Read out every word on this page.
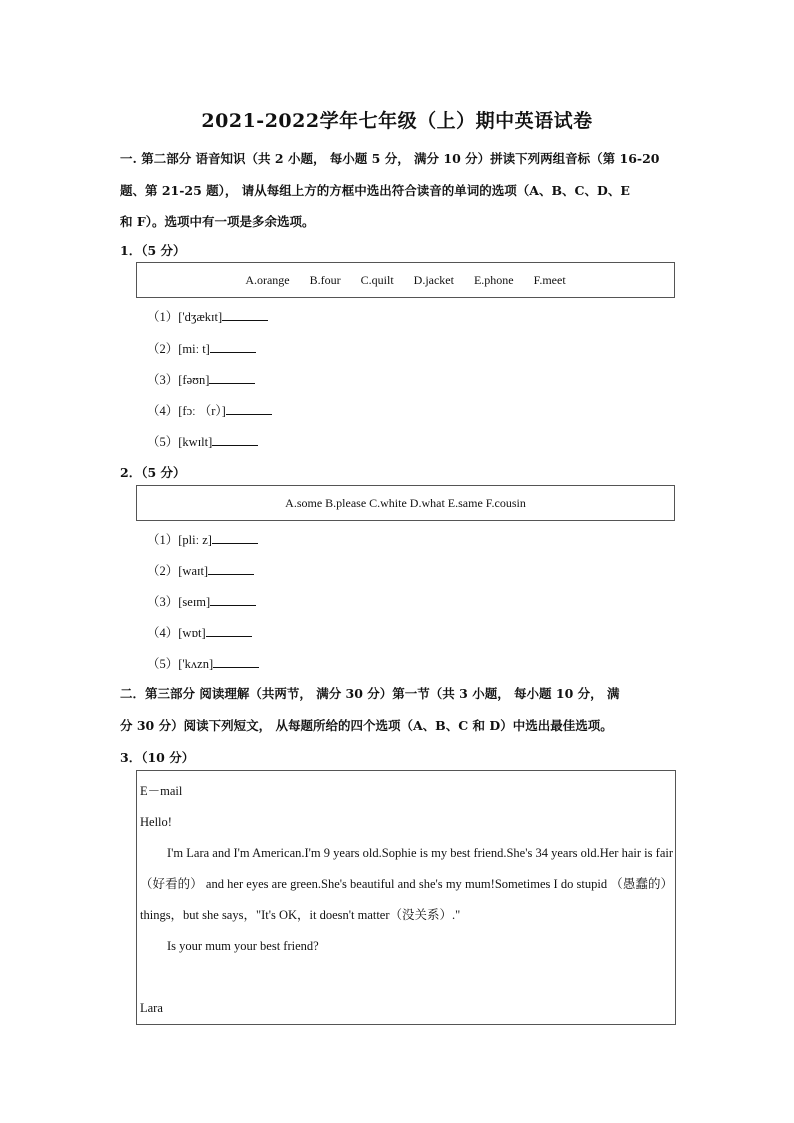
2021-2022学年七年级（上）期中英语试卷
一. 第二部分 语音知识（共 2 小题， 每小题 5 分， 满分 10 分）拼读下列两组音标（第 16-20
题、第 21-25 题）， 请从每组上方的方框中选出符合读音的单词的选项（A、B、C、D、E
和 F）。选项中有一项是多余选项。
1．（5 分）
A.orange B.four C.quilt D.jacket E.phone F.meet
（1）['dʒækɪt]
（2）[miː t]
（3）[fəʊn]
（4）[fɔː （r）]
（5）[kwɪlt]
2．（5 分）
A.some B.please C.white D.what E.same F.cousin
（1）[pliː z]
（2）[waɪt]
（3）[seɪm]
（4）[wɒt]
（5）['kʌzn]
二．第三部分 阅读理解（共两节， 满分 30 分）第一节（共 3 小题， 每小题 10 分， 满
分 30 分）阅读下列短文， 从每题所给的四个选项（A、B、C 和 D）中选出最佳选项。
3．（10 分）

E－mail

Hello!

I'm Lara and I'm American.I'm 9 years old.Sophie is my best friend.She's 34 years old.Her hair is fair（好看的） and her eyes are green.She's beautiful and she's my mum!Sometimes I do stupid （愚蠢的）things，but she says，"It's OK，it doesn't matter（没关系）."

Is your mum your best friend?

Lara
